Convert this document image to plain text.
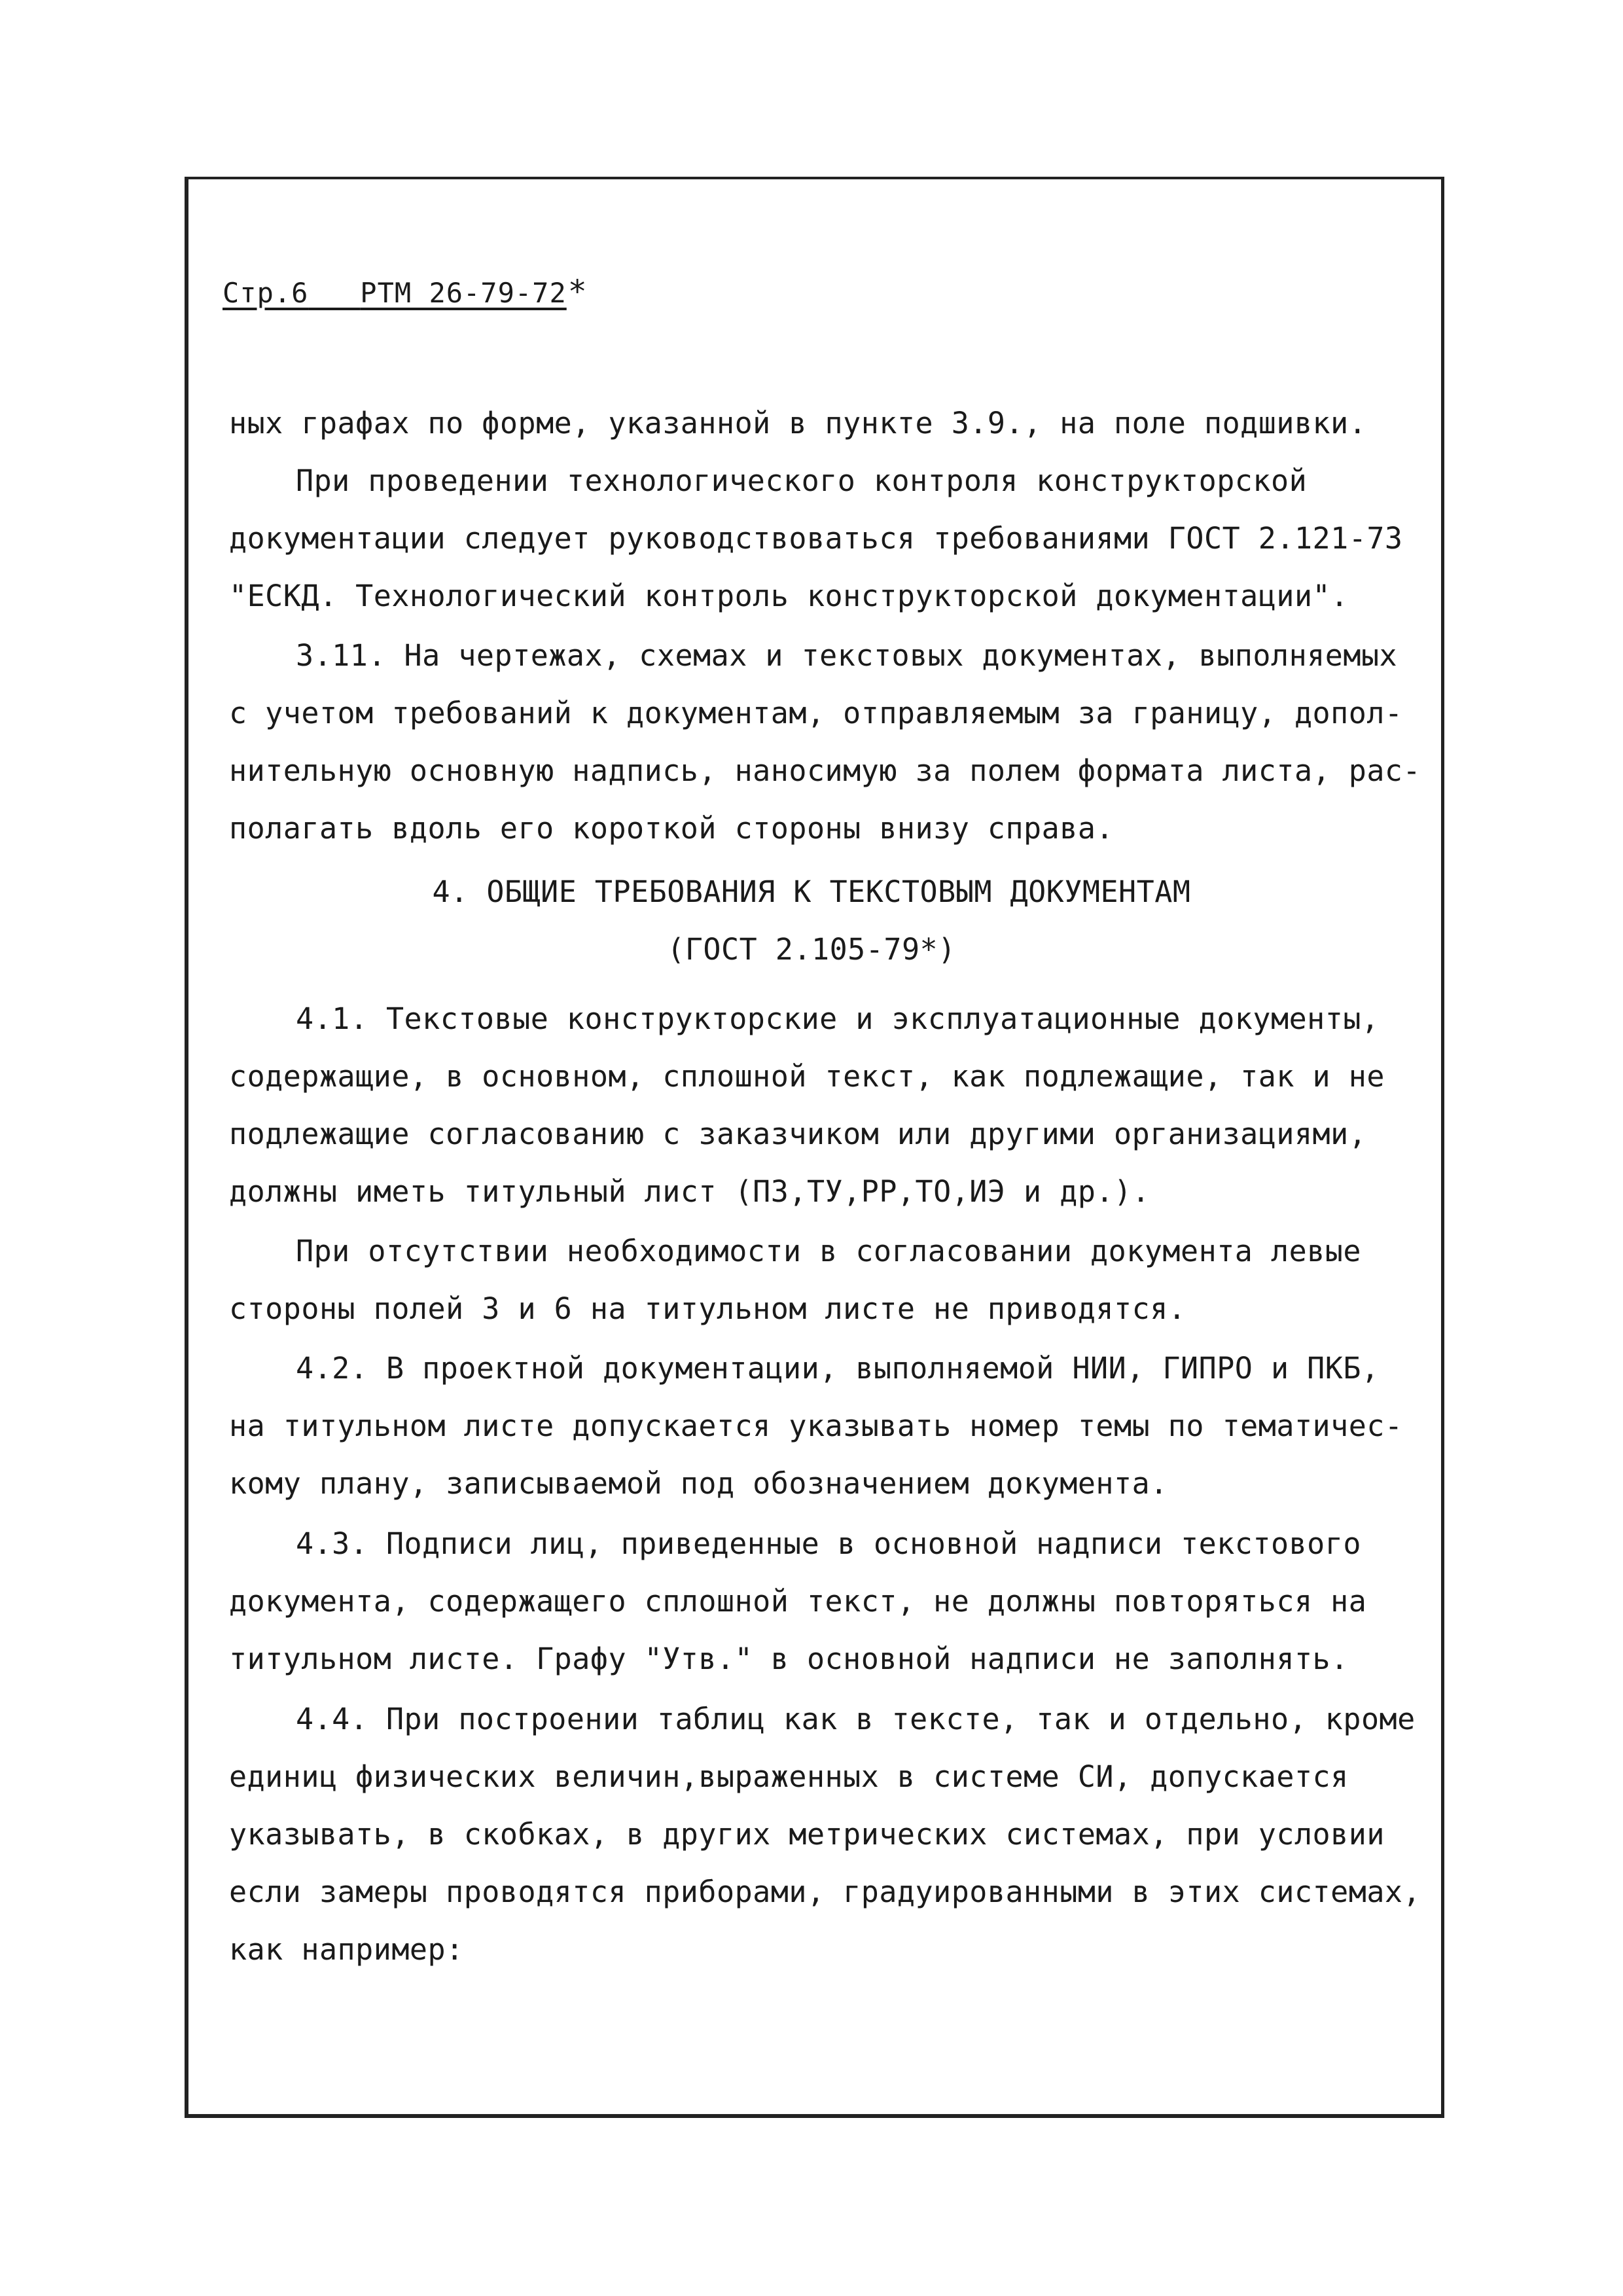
Стр.6 РТМ 26-79-72*
ных графах по форме, указанной в пункте 3.9., на поле подшивки.
При проведении технологического контроля конструкторской
документации следует руководствоваться требованиями ГОСТ 2.121-73
"ЕСКД. Технологический контроль конструкторской документации".
3.11. На чертежах, схемах и текстовых документах, выполняемых
с учетом требований к документам, отправляемым за границу, допол-
нительную основную надпись, наносимую за полем формата листа, рас-
полагать вдоль его короткой стороны внизу справа.
4. ОБЩИЕ ТРЕБОВАНИЯ К ТЕКСТОВЫМ ДОКУМЕНТАМ
(ГОСТ 2.105-79*)
4.1. Текстовые конструкторские и эксплуатационные документы,
содержащие, в основном, сплошной текст, как подлежащие, так и не
подлежащие согласованию с заказчиком или другими организациями,
должны иметь титульный лист (ПЗ,ТУ,РР,ТО,ИЭ и др.).
При отсутствии необходимости в согласовании документа левые
стороны полей 3 и 6 на титульном листе не приводятся.
4.2. В проектной документации, выполняемой НИИ, ГИПРО и ПКБ,
на титульном листе допускается указывать номер темы по тематичес-
кому плану, записываемой под обозначением документа.
4.3. Подписи лиц, приведенные в основной надписи текстового
документа, содержащего сплошной текст, не должны повторяться на
титульном листе. Графу "Утв." в основной надписи не заполнять.
4.4. При построении таблиц как в тексте, так и отдельно, кроме
единиц физических величин,выраженных в системе СИ, допускается
указывать, в скобках, в других метрических системах, при условии
если замеры проводятся приборами, градуированными в этих системах,
как например:
